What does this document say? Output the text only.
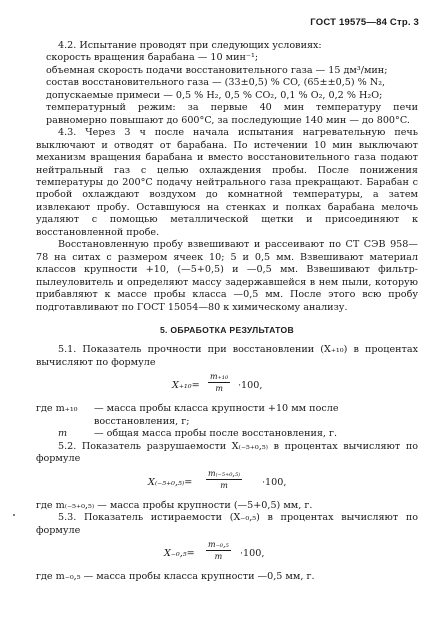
ГОСТ 19575—84 Стр. 3

4.2. Испытание проводят при следующих условиях:

скорость вращения барабана — 10 мин⁻¹;

объемная скорость подачи восстановительного газа — 15 дм³/мин;

состав восстановительного газа — (33±0,5) % CO, (65±±0,5) % N₂,

допускаемые примеси — 0,5 % H₂, 0,5 % CO₂, 0,1 % O₂, 0,2 % H₂O;

температурный режим: за первые 40 мин температуру печи равномерно повышают до 600°C, за последующие 140 мин — до 800°C.

4.3. Через 3 ч после начала испытания нагревательную печь выключают и отводят от барабана. По истечении 10 мин выключают механизм вращения барабана и вместо восстановительного газа подают нейтральный газ с целью охлаждения пробы. После понижения температуры до 200°C подачу нейтрального газа прекращают. Барабан с пробой охлаждают воздухом до комнатной температуры, а затем извлекают пробу. Оставшуюся на стенках и полках барабана мелочь удаляют с помощью металлической щетки и присоединяют к восстановленной пробе.

Восстановленную пробу взвешивают и рассеивают по СТ СЭВ 958—78 на ситах с размером ячеек 10; 5 и 0,5 мм. Взвешивают материал классов крупности +10, (—5+0,5) и —0,5 мм. Взвешивают фильтр-пылеуловитель и определяют массу задержавшейся в нем пыли, которую прибавляют к массе пробы класса —0,5 мм. После этого всю пробу подготавливают по ГОСТ 15054—80 к химическому анализу.

5. ОБРАБОТКА РЕЗУЛЬТАТОВ

5.1. Показатель прочности при восстановлении (X₊₁₀) в процентах вычисляют по формуле

$X_{+10}= \frac{\text{m₊₁₀}}{m} \cdot 100$,
где m₊₁₀	— масса пробы класса крупности +10 мм после восстановления, г;
m	— общая масса пробы после восстановления, г.

5.2. Показатель разрушаемости X₍₋₅₊₀,₅₎ в процентах вычисляют по формуле

$X_{(-5+0},_{5)}= \frac{\text{m₍₋₅₊₀,₅₎}}{m} \cdot 100$,

где m₍₋₅₊₀,₅₎ — масса пробы крупности (—5+0,5) мм, г.

5.3. Показатель истираемости (X₋₀,₅) в процентах вычисляют по формуле

$X_{-0},_5= \frac{\text{m₋₀,₅}}{m} \cdot 100$,

где m₋₀,₅ — масса пробы класса крупности —0,5 мм, г.
